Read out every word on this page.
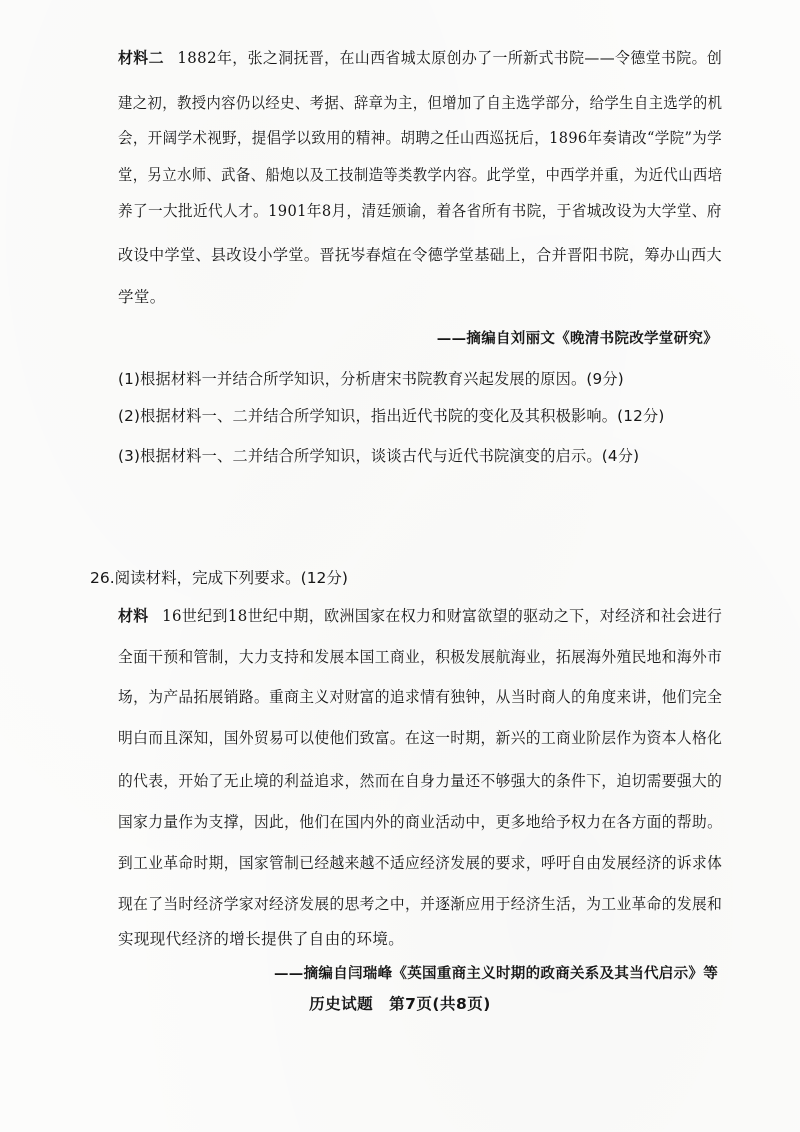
材料二 1882年，张之洞抚晋，在山西省城太原创办了一所新式书院——令德堂书院。创
建之初，教授内容仍以经史、考据、辞章为主，但增加了自主选学部分，给学生自主选学的机
会，开阔学术视野，提倡学以致用的精神。胡聘之任山西巡抚后，1896年奏请改“学院”为学
堂，另立水师、武备、船炮以及工技制造等类教学内容。此学堂，中西学并重，为近代山西培
养了一大批近代人才。1901年8月，清廷颁谕，着各省所有书院，于省城改设为大学堂、府
改设中学堂、县改设小学堂。晋抚岑春煊在令德学堂基础上，合并晋阳书院，筹办山西大
学堂。
——摘编自刘丽文《晚清书院改学堂研究》
(1)根据材料一并结合所学知识，分析唐宋书院教育兴起发展的原因。(9分)
(2)根据材料一、二并结合所学知识，指出近代书院的变化及其积极影响。(12分)
(3)根据材料一、二并结合所学知识，谈谈古代与近代书院演变的启示。(4分)
26.阅读材料，完成下列要求。(12分)
材料 16世纪到18世纪中期，欧洲国家在权力和财富欲望的驱动之下，对经济和社会进行
全面干预和管制，大力支持和发展本国工商业，积极发展航海业，拓展海外殖民地和海外市
场，为产品拓展销路。重商主义对财富的追求情有独钟，从当时商人的角度来讲，他们完全
明白而且深知，国外贸易可以使他们致富。在这一时期，新兴的工商业阶层作为资本人格化
的代表，开始了无止境的利益追求，然而在自身力量还不够强大的条件下，迫切需要强大的
国家力量作为支撑，因此，他们在国内外的商业活动中，更多地给予权力在各方面的帮助。
到工业革命时期，国家管制已经越来越不适应经济发展的要求，呼吁自由发展经济的诉求体
现在了当时经济学家对经济发展的思考之中，并逐渐应用于经济生活，为工业革命的发展和
实现现代经济的增长提供了自由的环境。
——摘编自闫瑞峰《英国重商主义时期的政商关系及其当代启示》等
历史试题　第7页(共8页)
